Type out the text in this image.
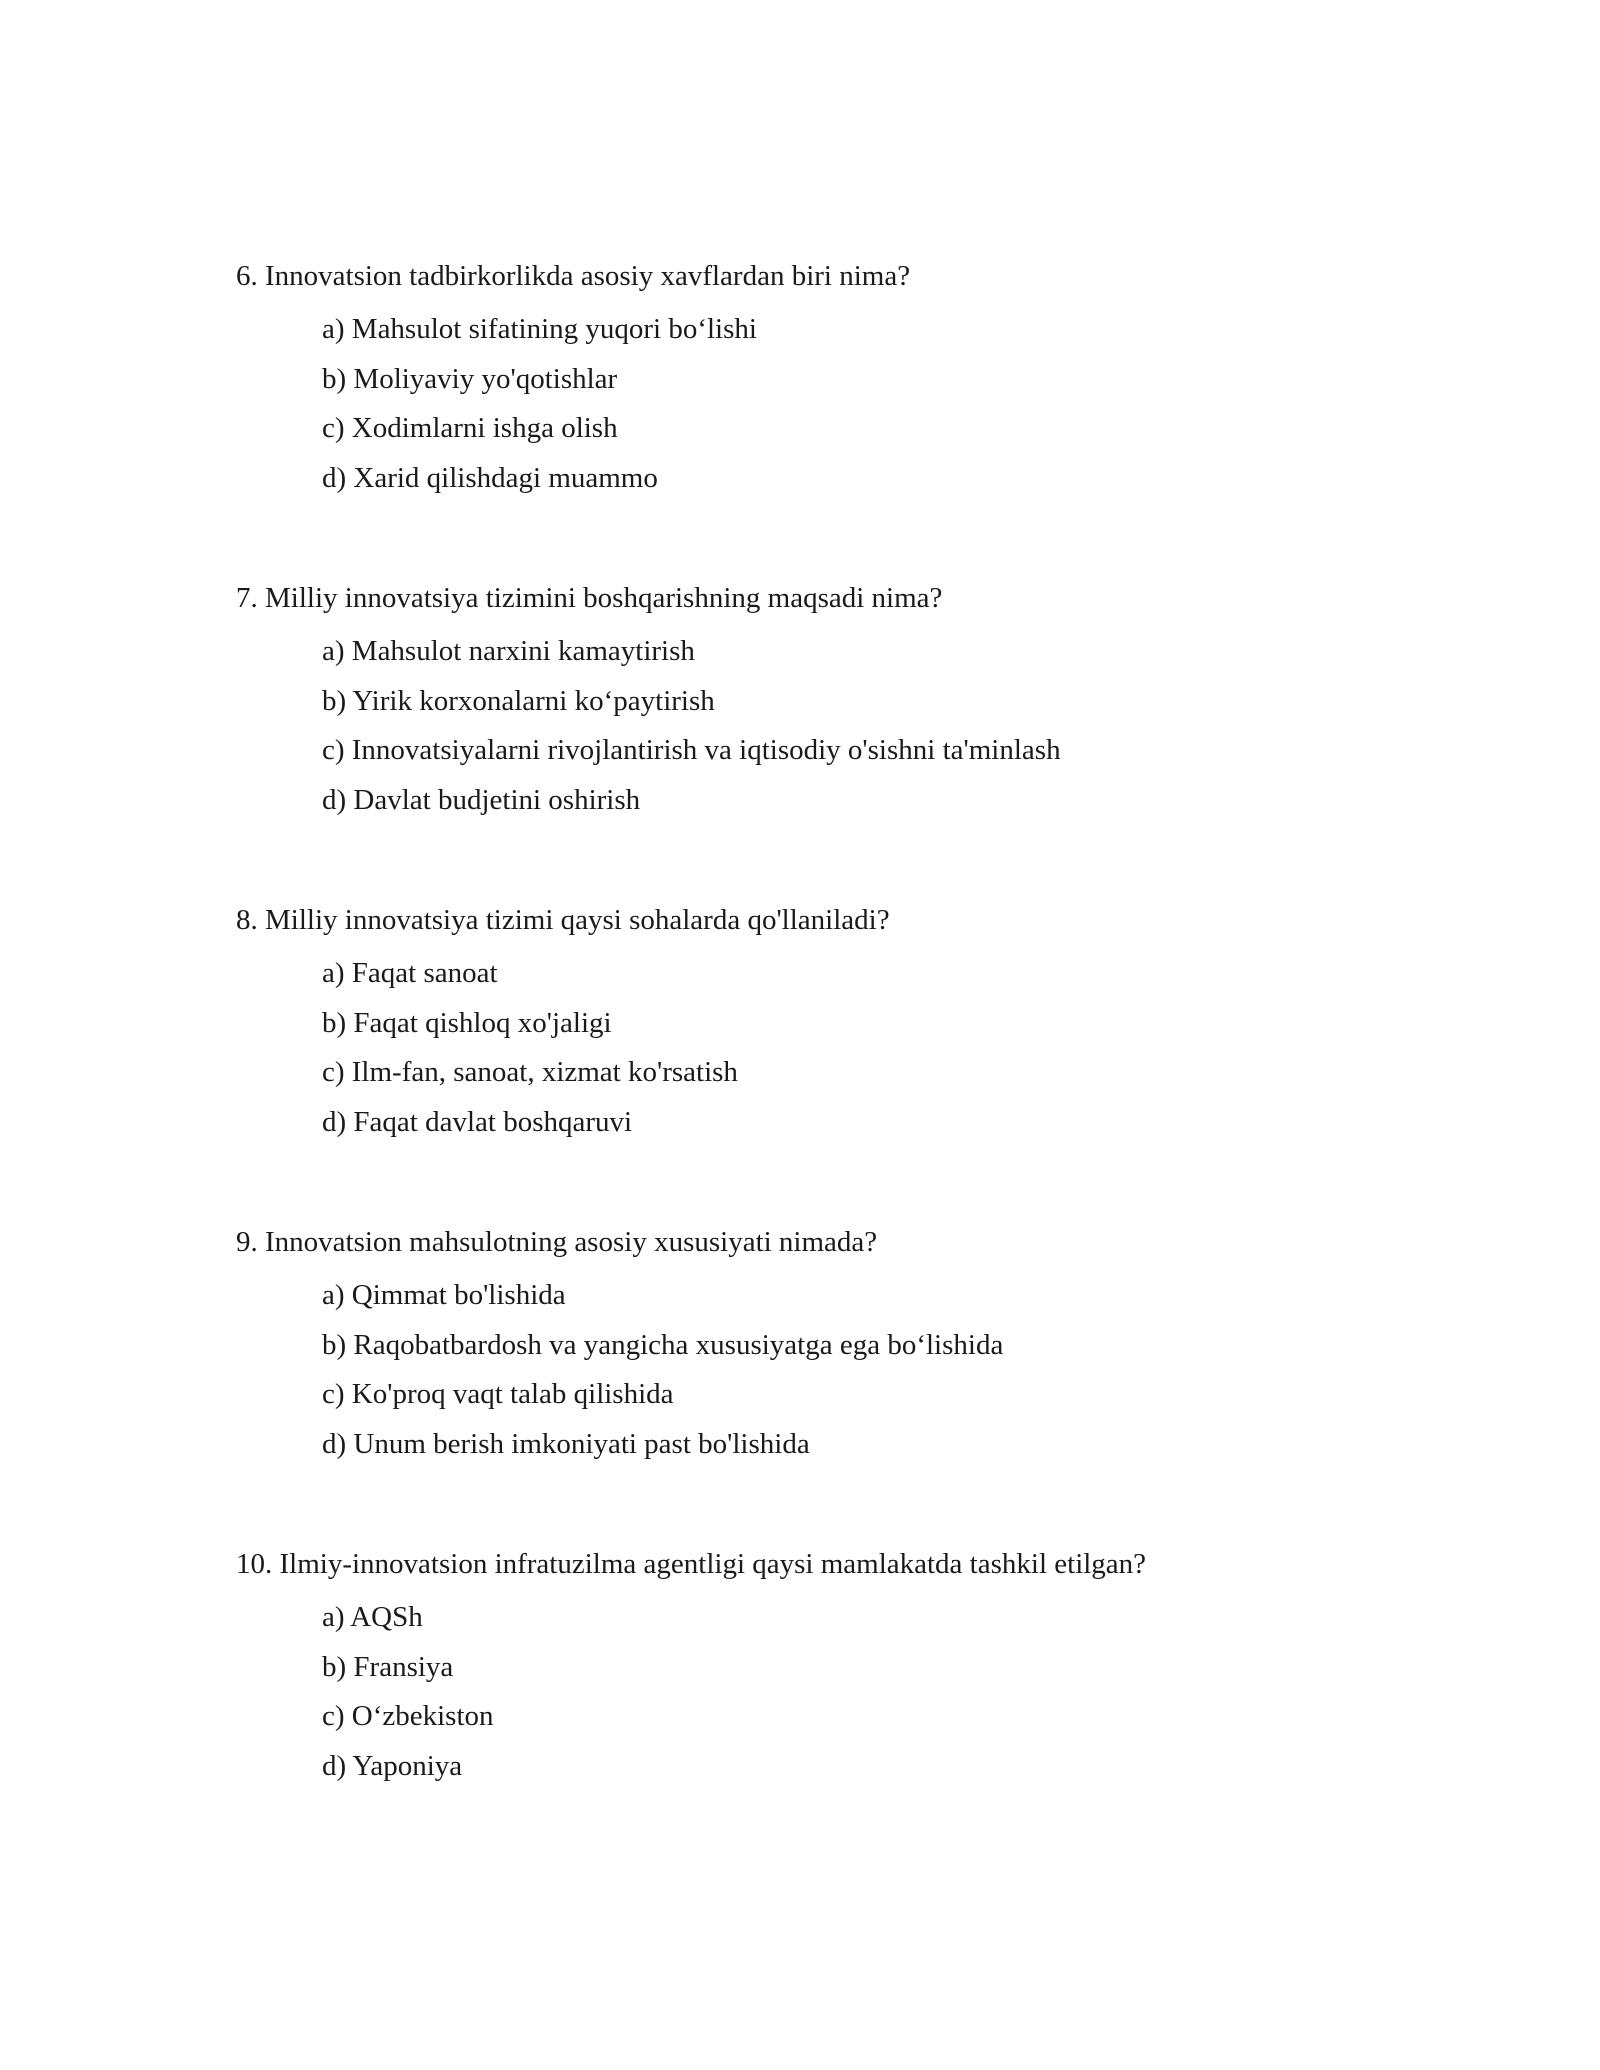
6. Innovatsion tadbirkorlikda asosiy xavflardan biri nima?

a) Mahsulot sifatining yuqori bo‘lishi
b) Moliyaviy yo'qotishlar
c) Xodimlarni ishga olish
d) Xarid qilishdagi muammo

7. Milliy innovatsiya tizimini boshqarishning maqsadi nima?

a) Mahsulot narxini kamaytirish
b) Yirik korxonalarni ko‘paytirish
c) Innovatsiyalarni rivojlantirish va iqtisodiy o'sishni ta'minlash
d) Davlat budjetini oshirish

8. Milliy innovatsiya tizimi qaysi sohalarda qo'llaniladi?

a) Faqat sanoat
b) Faqat qishloq xo'jaligi
c) Ilm-fan, sanoat, xizmat ko'rsatish
d) Faqat davlat boshqaruvi

9. Innovatsion mahsulotning asosiy xususiyati nimada?

a) Qimmat bo'lishida
b) Raqobatbardosh va yangicha xususiyatga ega bo‘lishida
c) Ko'proq vaqt talab qilishida
d) Unum berish imkoniyati past bo'lishida

10. Ilmiy-innovatsion infratuzilma agentligi qaysi mamlakatda tashkil etilgan?

a) AQSh
b) Fransiya
c) O‘zbekiston
d) Yaponiya
